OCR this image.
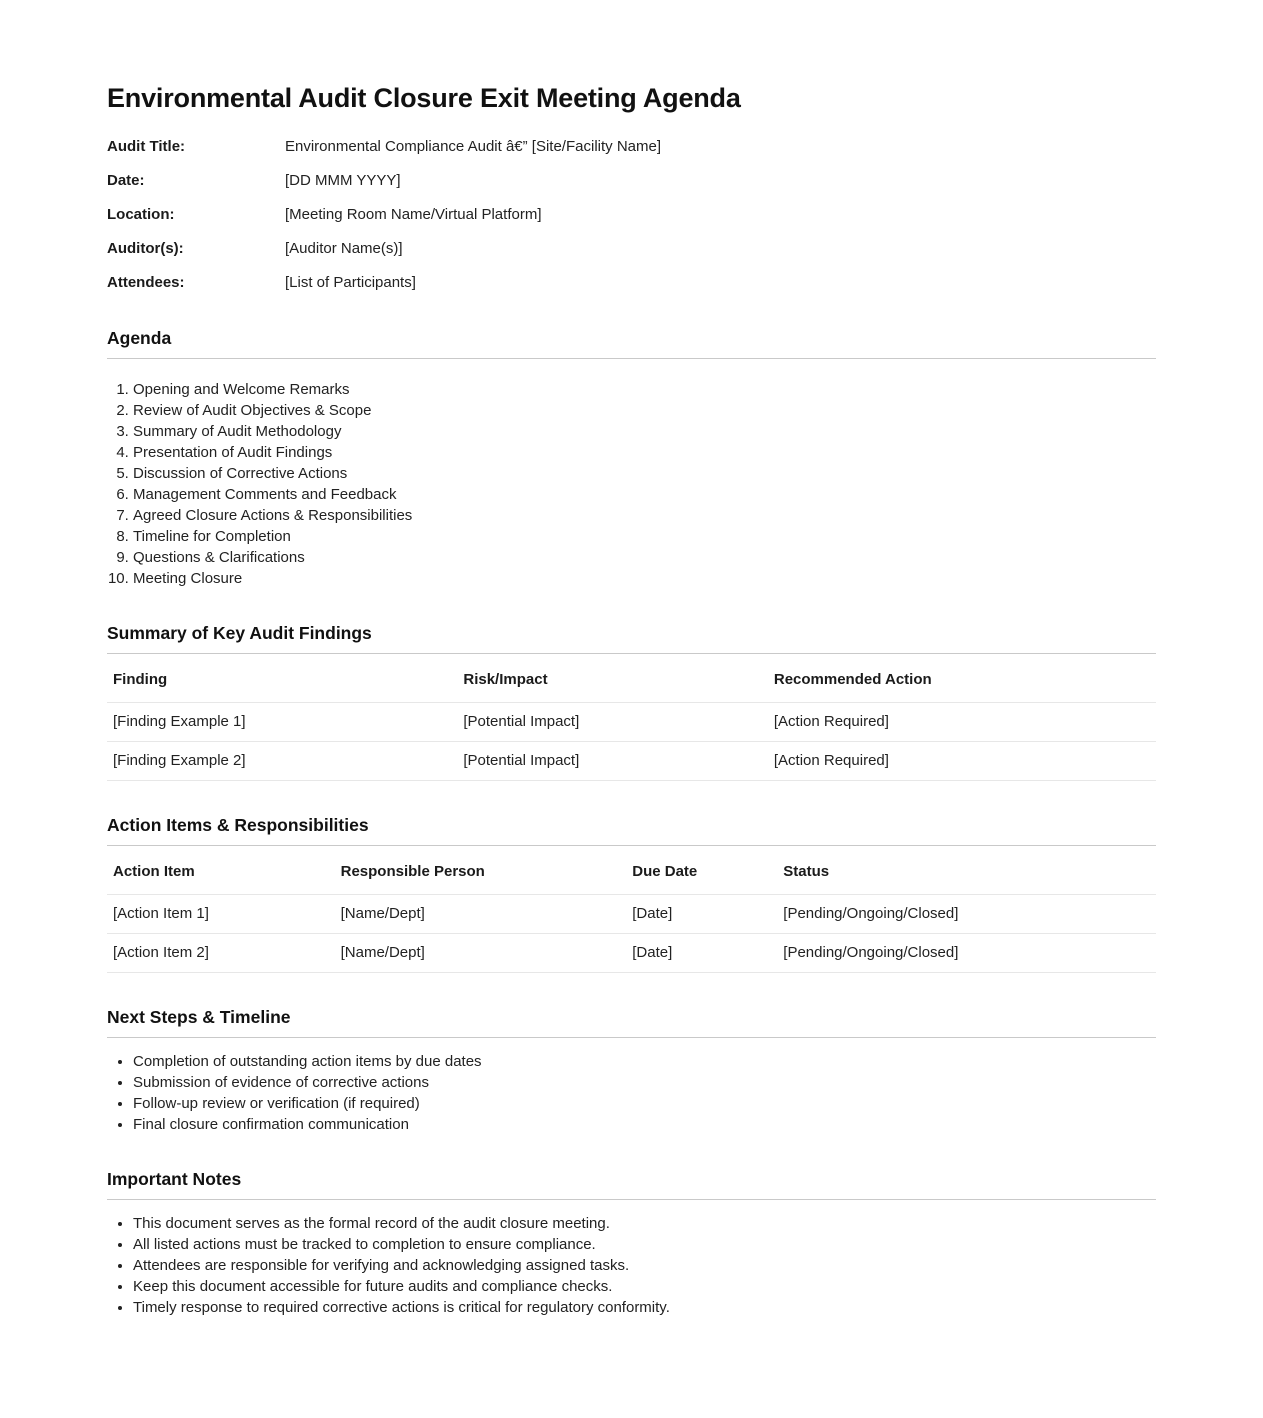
Environmental Audit Closure Exit Meeting Agenda
Audit Title:	Environmental Compliance Audit â€” [Site/Facility Name]
Date:	[DD MMM YYYY]
Location:	[Meeting Room Name/Virtual Platform]
Auditor(s):	[Auditor Name(s)]
Attendees:	[List of Participants]
Agenda
1. Opening and Welcome Remarks
2. Review of Audit Objectives & Scope
3. Summary of Audit Methodology
4. Presentation of Audit Findings
5. Discussion of Corrective Actions
6. Management Comments and Feedback
7. Agreed Closure Actions & Responsibilities
8. Timeline for Completion
9. Questions & Clarifications
10. Meeting Closure
Summary of Key Audit Findings
Finding	Risk/Impact	Recommended Action
[Finding Example 1]	[Potential Impact]	[Action Required]
[Finding Example 2]	[Potential Impact]	[Action Required]
Action Items & Responsibilities
Action Item	Responsible Person	Due Date	Status
[Action Item 1]	[Name/Dept]	[Date]	[Pending/Ongoing/Closed]
[Action Item 2]	[Name/Dept]	[Date]	[Pending/Ongoing/Closed]
Next Steps & Timeline
• Completion of outstanding action items by due dates
• Submission of evidence of corrective actions
• Follow-up review or verification (if required)
• Final closure confirmation communication
Important Notes
• This document serves as the formal record of the audit closure meeting.
• All listed actions must be tracked to completion to ensure compliance.
• Attendees are responsible for verifying and acknowledging assigned tasks.
• Keep this document accessible for future audits and compliance checks.
• Timely response to required corrective actions is critical for regulatory conformity.
